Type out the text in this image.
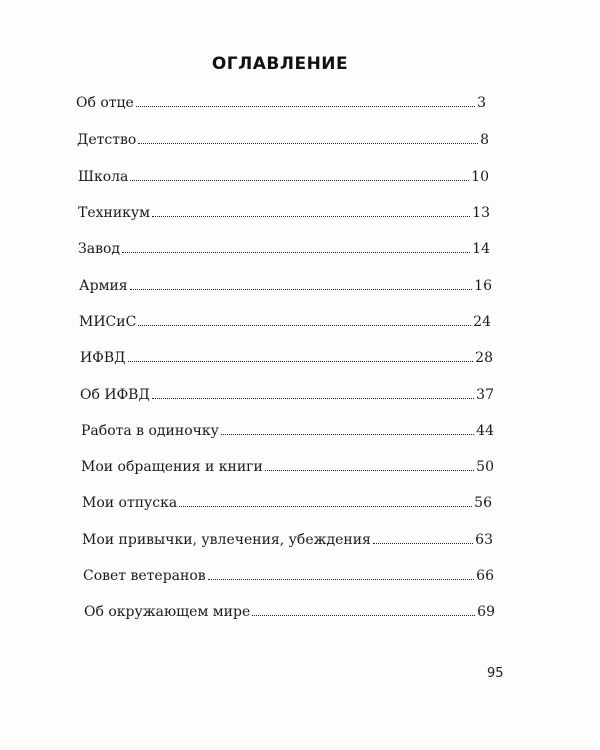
ОГЛАВЛЕНИЕ
Об отце	3
Детство	8
Школа	10
Техникум	13
Завод	14
Армия	16
МИСиС	24
ИФВД	28
Об ИФВД	37
Работа в одиночку	44
Мои обращения и книги	50
Мои отпуска	56
Мои привычки, увлечения, убеждения	63
Совет ветеранов	66
Об окружающем мире	69
95
